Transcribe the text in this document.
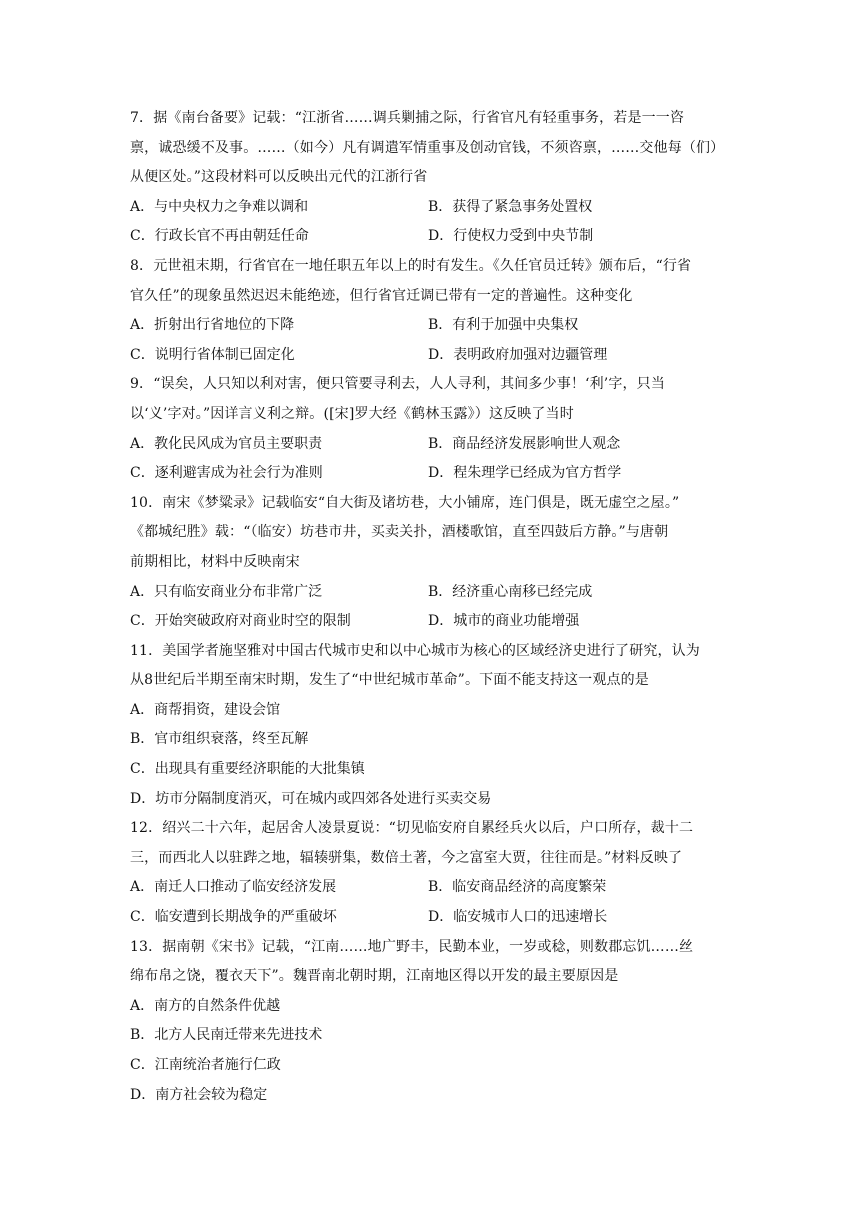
7．据《南台备要》记载：“江浙省……调兵剿捕之际，行省官凡有轻重事务，若是一一咨
禀，诚恐缓不及事。……（如今）凡有调遣军情重事及创动官钱，不须咨禀，……交他每（们）
从便区处。”这段材料可以反映出元代的江浙行省
A．与中央权力之争难以调和	B．获得了紧急事务处置权
C．行政长官不再由朝廷任命	D．行使权力受到中央节制
8．元世祖末期，行省官在一地任职五年以上的时有发生。《久任官员迁转》颁布后，“行省
官久任”的现象虽然迟迟未能绝迹，但行省官迁调已带有一定的普遍性。这种变化
A．折射出行省地位的下降	B．有利于加强中央集权
C．说明行省体制已固定化	D．表明政府加强对边疆管理
9．“误矣，人只知以利对害，便只管要寻利去，人人寻利，其间多少事！‘利’字，只当
以‘义’字对。”因详言义利之辩。([宋]罗大经《鹤林玉露》）这反映了当时
A．教化民风成为官员主要职责	B．商品经济发展影响世人观念
C．逐利避害成为社会行为准则	D．程朱理学已经成为官方哲学
10．南宋《梦粱录》记载临安“自大街及诸坊巷，大小铺席，连门俱是，既无虚空之屋。”
《都城纪胜》载：“（临安）坊巷市井，买卖关扑，酒楼歌馆，直至四鼓后方静。”与唐朝
前期相比，材料中反映南宋
A．只有临安商业分布非常广泛	B．经济重心南移已经完成
C．开始突破政府对商业时空的限制	D．城市的商业功能增强
11．美国学者施坚雅对中国古代城市史和以中心城市为核心的区域经济史进行了研究，认为
从8世纪后半期至南宋时期，发生了“中世纪城市革命”。下面不能支持这一观点的是
A．商帮捐资，建设会馆
B．官市组织衰落，终至瓦解
C．出现具有重要经济职能的大批集镇
D．坊市分隔制度消灭，可在城内或四郊各处进行买卖交易
12．绍兴二十六年，起居舍人凌景夏说：“切见临安府自累经兵火以后，户口所存，裁十二
三，而西北人以驻跸之地，辐辏骈集，数倍土著，今之富室大贾，往往而是。”材料反映了
A．南迁人口推动了临安经济发展	B．临安商品经济的高度繁荣
C．临安遭到长期战争的严重破坏	D．临安城市人口的迅速增长
13．据南朝《宋书》记载，“江南……地广野丰，民勤本业，一岁或稔，则数郡忘饥……丝
绵布帛之饶，覆衣天下”。魏晋南北朝时期，江南地区得以开发的最主要原因是
A．南方的自然条件优越
B．北方人民南迁带来先进技术
C．江南统治者施行仁政
D．南方社会较为稳定
